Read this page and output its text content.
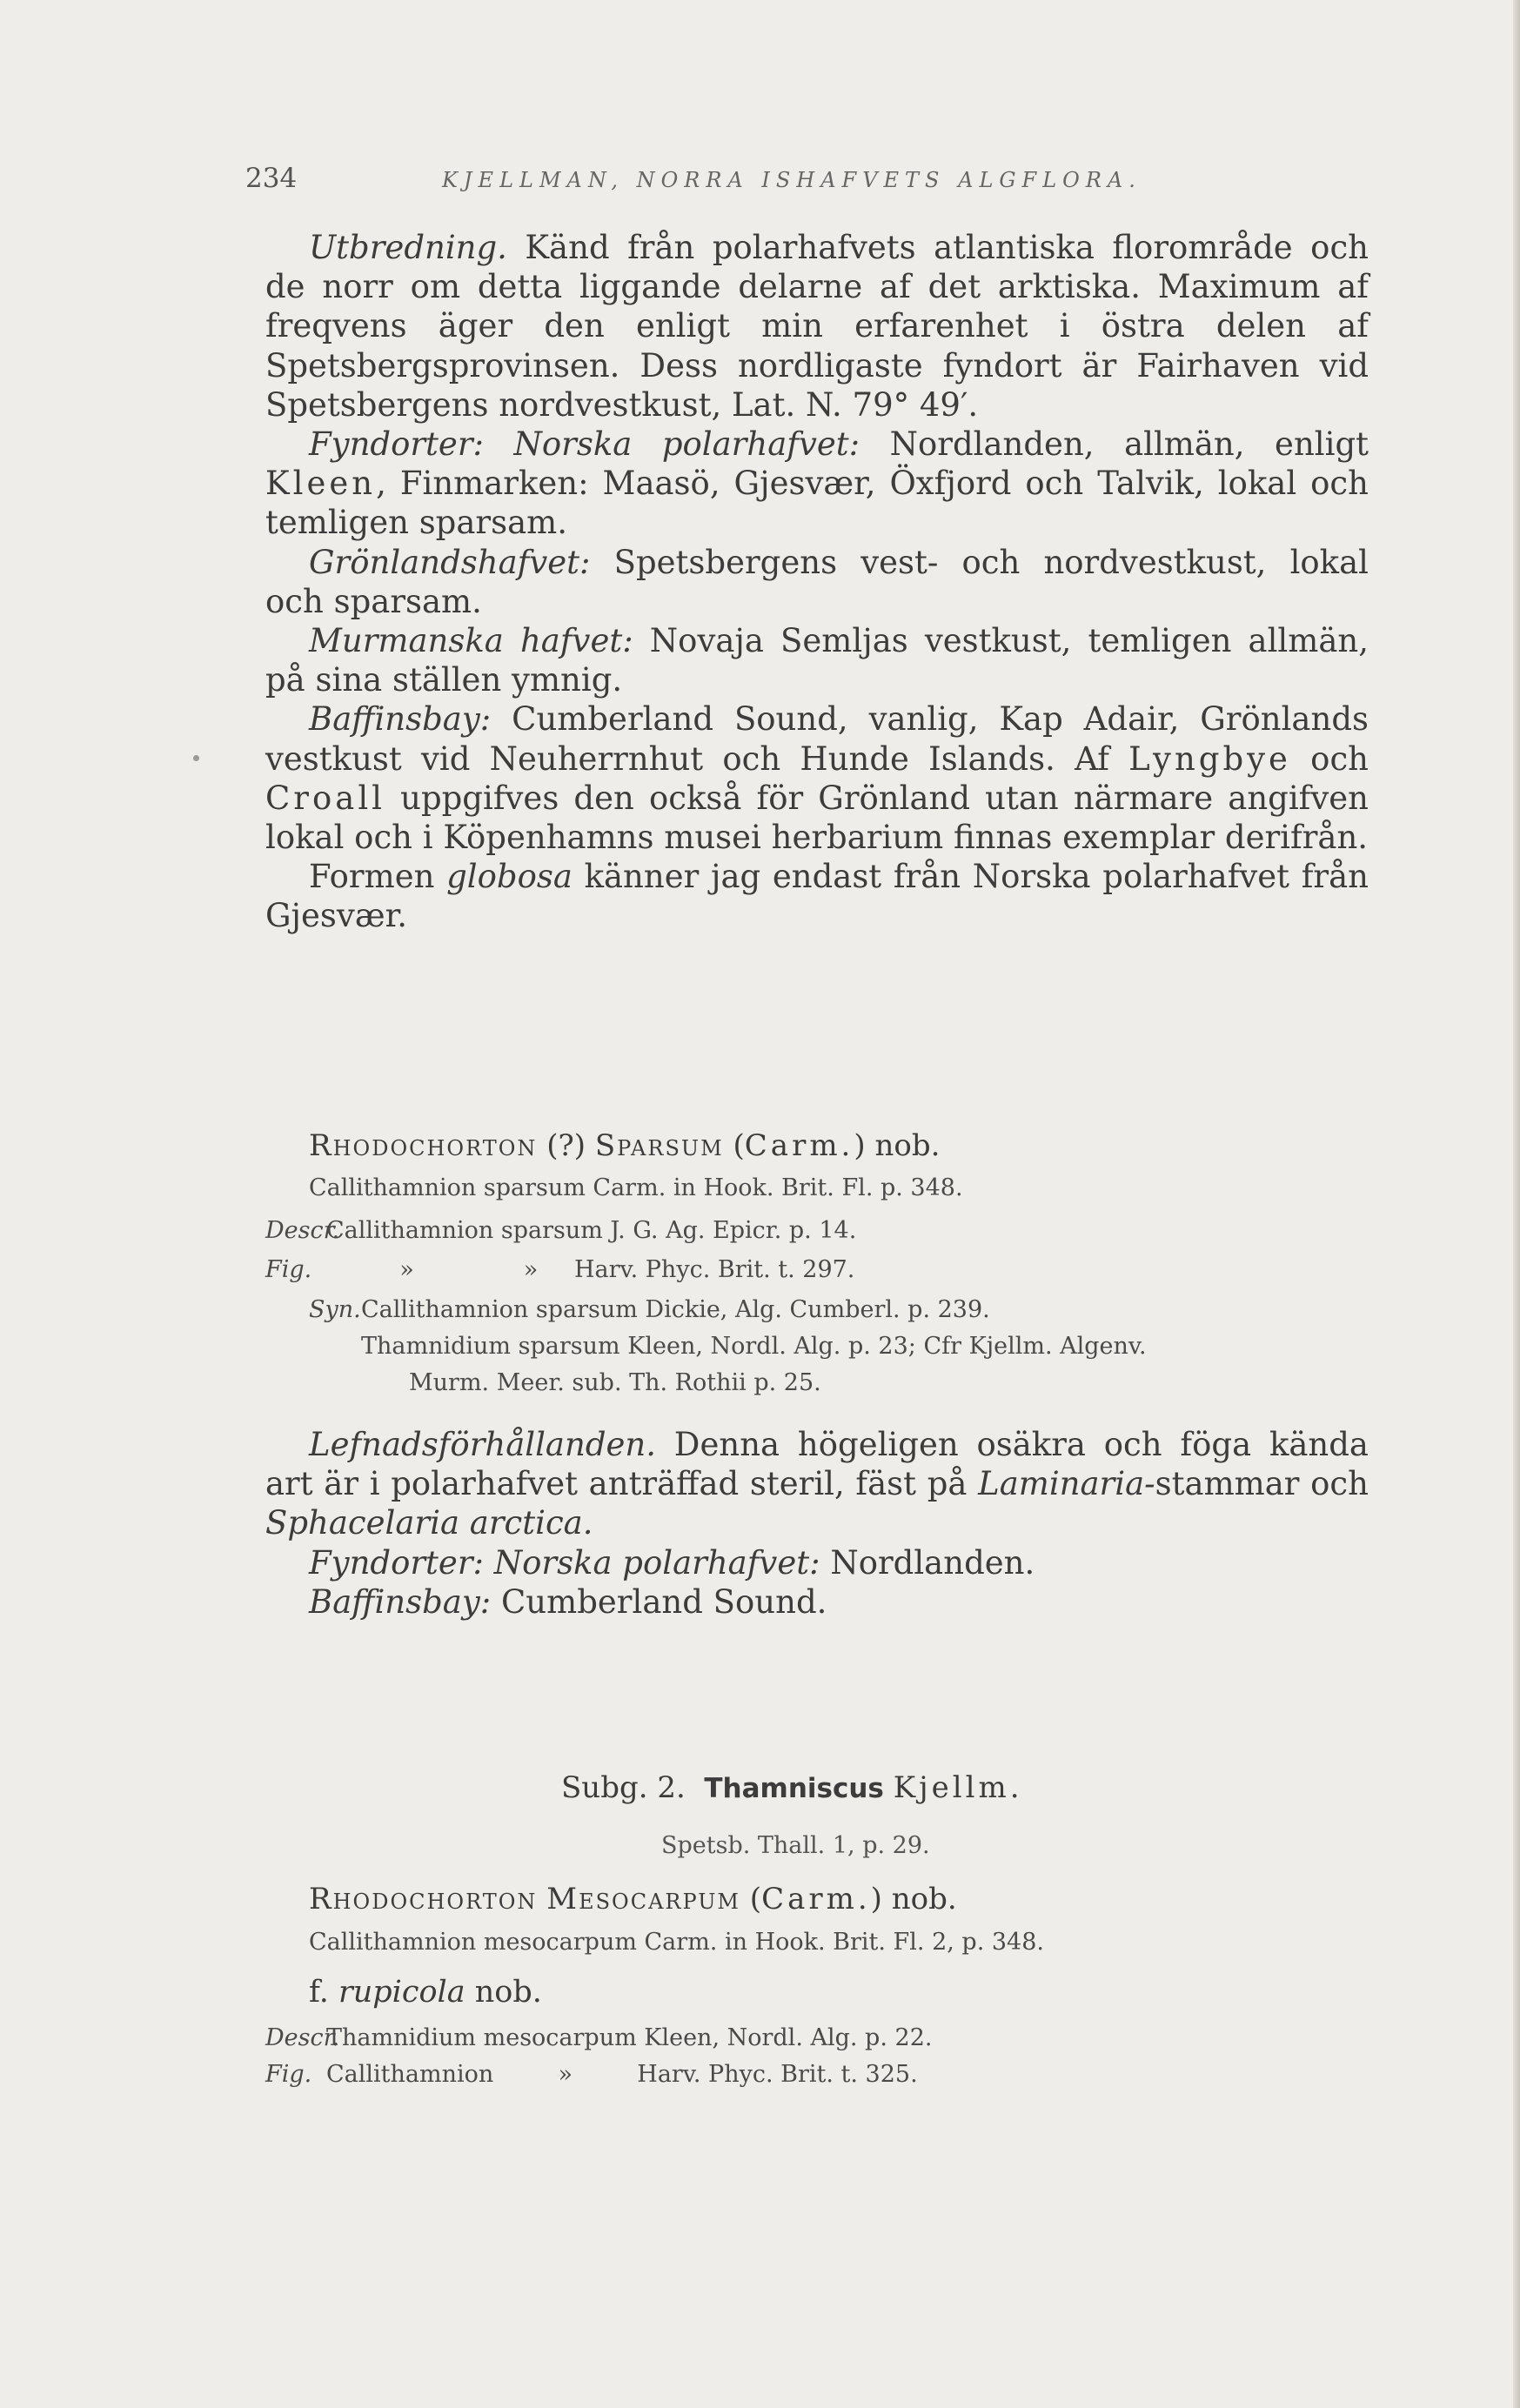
234	KJELLMAN, NORRA ISHAFVETS ALGFLORA.

Utbredning. Känd från polarhafvets atlantiska florområde och de norr om detta liggande delarne af det arktiska. Maximum af freqvens äger den enligt min erfarenhet i östra delen af Spetsbergsprovinsen. Dess nordligaste fyndort är Fairhaven vid Spetsbergens nordvestkust, Lat. N. 79° 49′.

Fyndorter: Norska polarhafvet: Nordlanden, allmän, enligt Kleen, Finmarken: Maasö, Gjesvær, Öxfjord och Talvik, lokal och temligen sparsam.

Grönlandshafvet: Spetsbergens vest- och nordvestkust, lokal och sparsam.

Murmanska hafvet: Novaja Semljas vestkust, temligen allmän, på sina ställen ymnig.

Baffinsbay: Cumberland Sound, vanlig, Kap Adair, Grönlands vestkust vid Neuherrnhut och Hunde Islands. Af Lyngbye och Croall uppgifves den också för Grönland utan närmare angifven lokal och i Köpenhamns musei herbarium finnas exemplar derifrån.

Formen globosa känner jag endast från Norska polarhafvet från Gjesvær.

Rhodochorton (?) Sparsum (Carm.) nob.
Callithamnion sparsum Carm. in Hook. Brit. Fl. p. 348.
Descr.Callithamnion sparsum J. G. Ag. Epicr. p. 14.
Fig.	»	» Harv. Phyc. Brit. t. 297.
Syn.Callithamnion sparsum Dickie, Alg. Cumberl. p. 239.
Thamnidium sparsum Kleen, Nordl. Alg. p. 23; Cfr Kjellm. Algenv.
Murm. Meer. sub. Th. Rothii p. 25.

Lefnadsförhållanden. Denna högeligen osäkra och föga kända art är i polarhafvet anträffad steril, fäst på Laminaria-stammar och Sphacelaria arctica.

Fyndorter: Norska polarhafvet: Nordlanden.

Baffinsbay: Cumberland Sound.

Subg. 2. Thamniscus Kjellm.
Spetsb. Thall. 1, p. 29.
Rhodochorton Mesocarpum (Carm.) nob.
Callithamnion mesocarpum Carm. in Hook. Brit. Fl. 2, p. 348.
f. rupicola nob.
Descr.Thamnidium mesocarpum Kleen, Nordl. Alg. p. 22.
Fig. Callithamnion	»	Harv. Phyc. Brit. t. 325.
